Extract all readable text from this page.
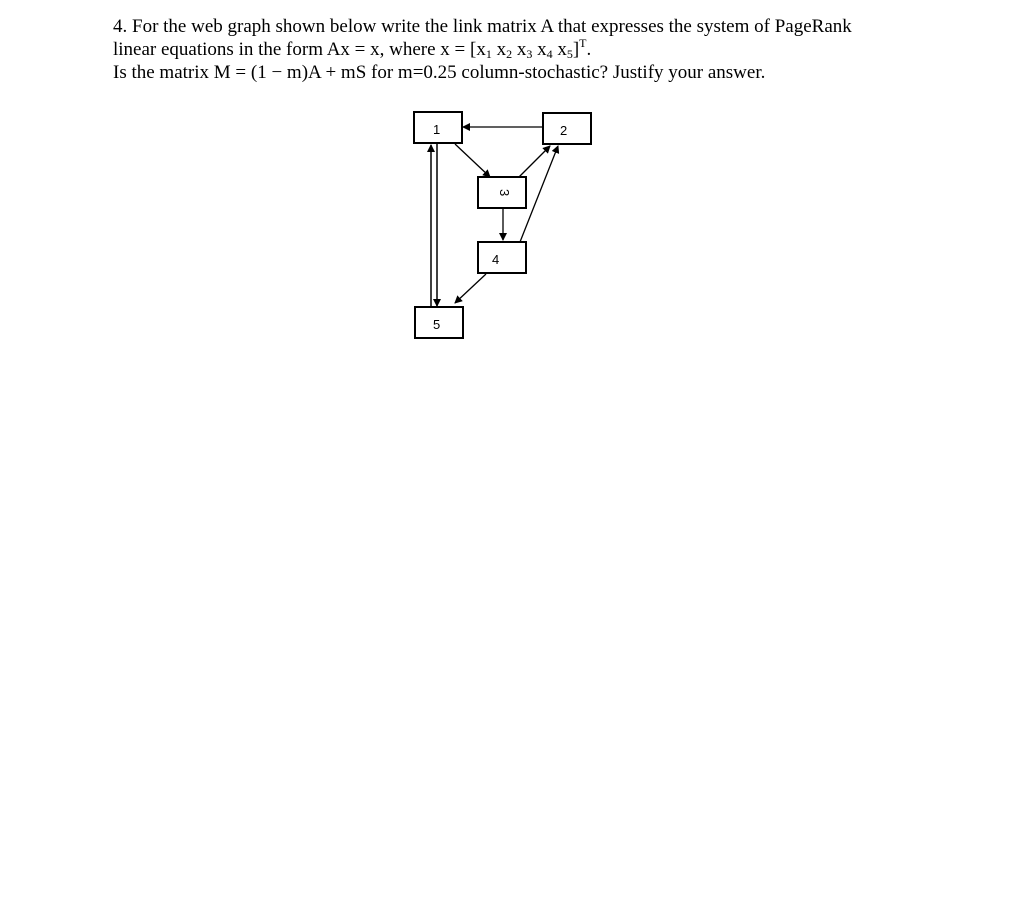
4. For the web graph shown below write the link matrix A that expresses the system of PageRank
linear equations in the form Ax = x, where $x = [x_1$ $x_2$ $x_3$ $x_4$ $x_5]^T$.
Is the matrix M = (1 − m)A + mS for m=0.25 column-stochastic? Justify your answer.
1	2
3
4
5
